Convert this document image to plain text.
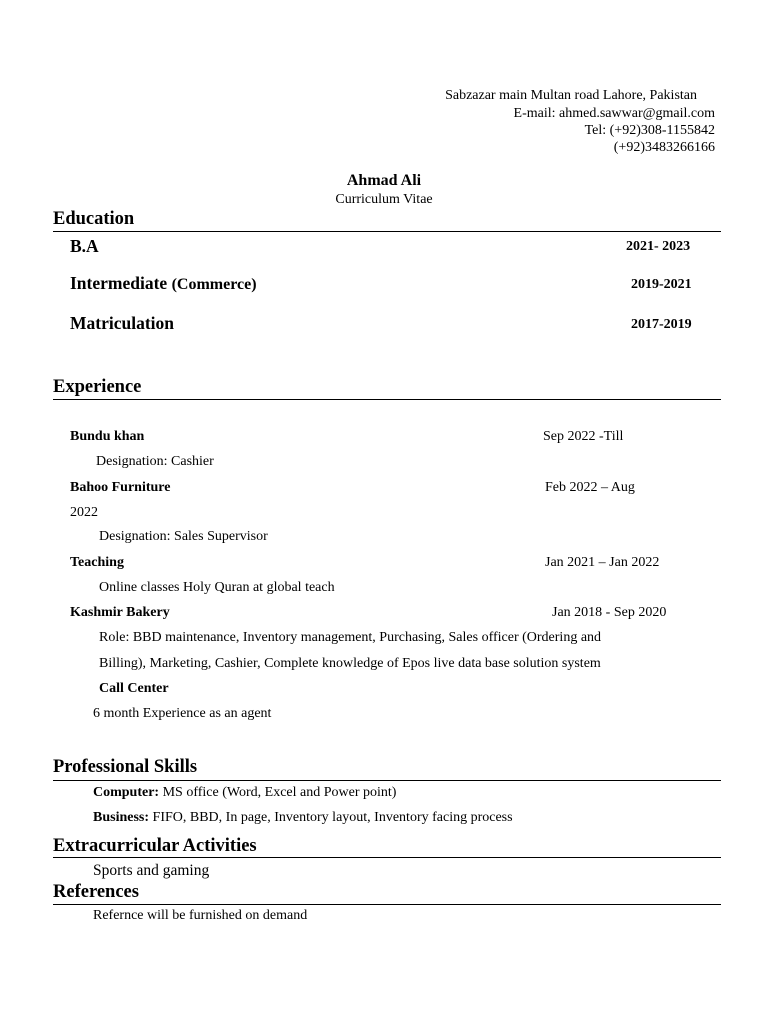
Sabzazar main Multan road Lahore, Pakistan
E-mail: ahmed.sawwar@gmail.com
Tel: (+92)308-1155842
(+92)3483266166
Ahmad Ali
Curriculum Vitae
Education
B.A	2021- 2023
Intermediate (Commerce)	2019-2021
Matriculation	2017-2019
Experience
Bundu khan	Sep 2022 -Till
Designation: Cashier
Bahoo Furniture	Feb 2022 – Aug
2022
Designation: Sales Supervisor
Teaching	Jan 2021 – Jan 2022
Online classes Holy Quran at global teach
Kashmir Bakery	Jan 2018 - Sep 2020
Role: BBD maintenance, Inventory management, Purchasing, Sales officer (Ordering and
Billing), Marketing, Cashier, Complete knowledge of Epos live data base solution system
Call Center
6 month Experience as an agent
Professional Skills
Computer: MS office (Word, Excel and Power point)
Business: FIFO, BBD, In page, Inventory layout, Inventory facing process
Extracurricular Activities
Sports and gaming
References
Refernce will be furnished on demand
